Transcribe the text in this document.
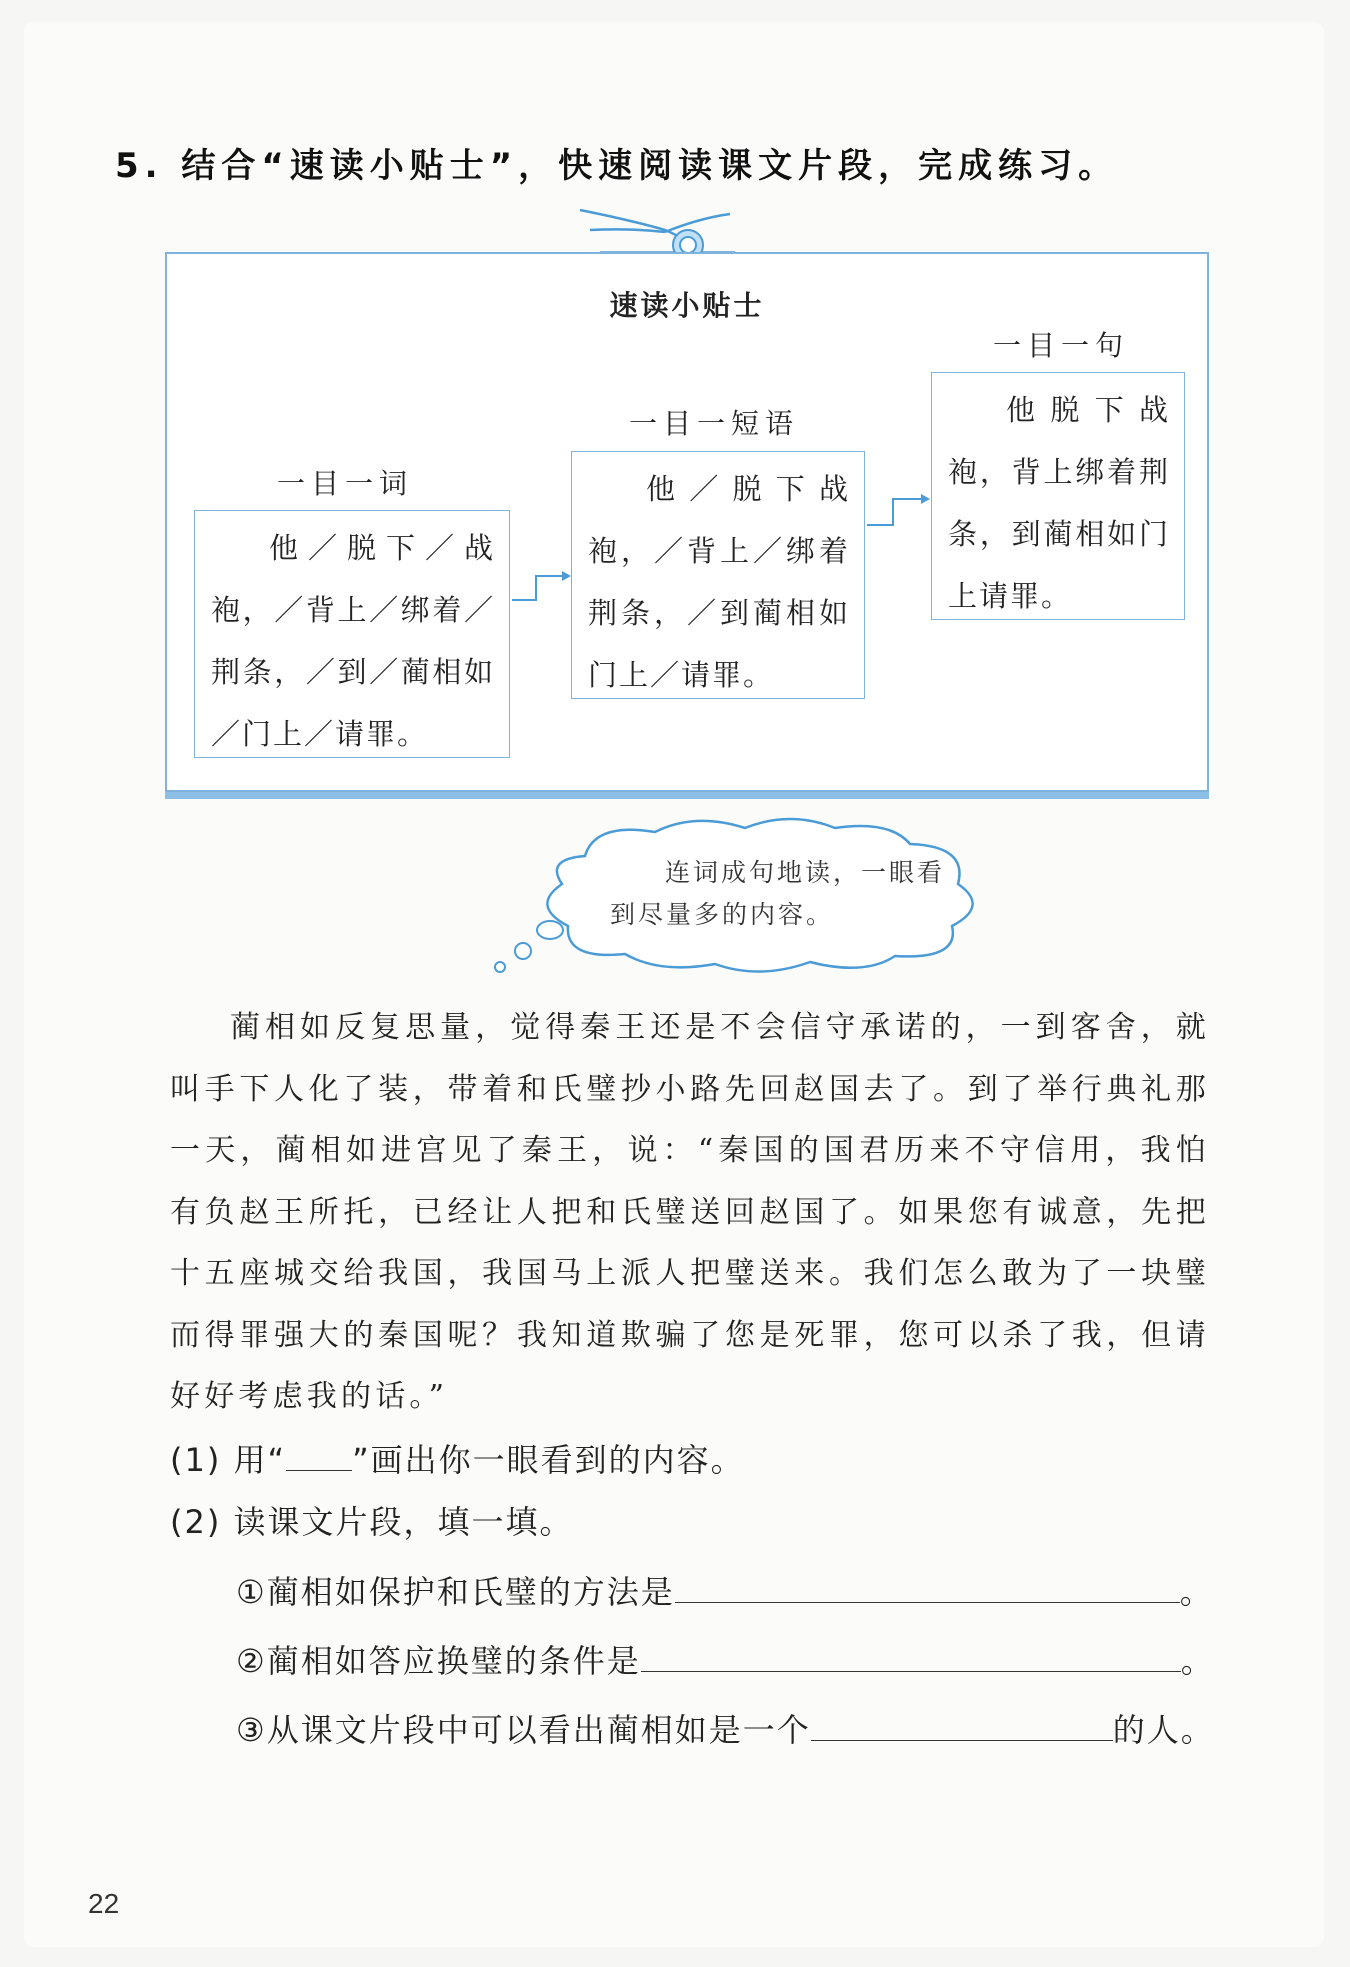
5. 结合“速读小贴士”，快速阅读课文片段，完成练习。
速读小贴士
一目一词
他／脱下／战袍，／背上／绑着／荆条，／到／蔺相如／门上／请罪。
一目一短语
他／脱下战袍，／背上／绑着荆条，／到蔺相如门上／请罪。
一目一句
他脱下战袍，背上绑着荆条，到蔺相如门上请罪。
连词成句地读，一眼看到尽量多的内容。
蔺相如反复思量，觉得秦王还是不会信守承诺的，一到客舍，就叫手下人化了装，带着和氏璧抄小路先回赵国去了。到了举行典礼那一天，蔺相如进宫见了秦王，说：“秦国的国君历来不守信用，我怕有负赵王所托，已经让人把和氏璧送回赵国了。如果您有诚意，先把十五座城交给我国，我国马上派人把璧送来。我们怎么敢为了一块璧而得罪强大的秦国呢？我知道欺骗了您是死罪，您可以杀了我，但请好好考虑我的话。”
(1) 用“ ”画出你一眼看到的内容。
(2) 读课文片段，填一填。
①蔺相如保护和氏璧的方法是	。
②蔺相如答应换璧的条件是	。
③从课文片段中可以看出蔺相如是一个	的人。
22
